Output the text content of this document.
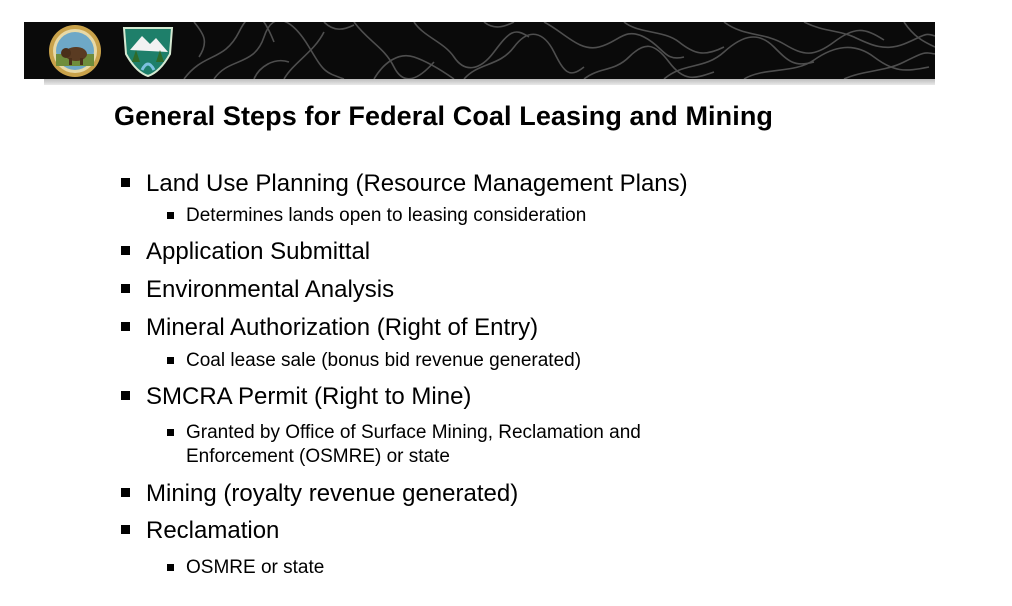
General Steps for Federal Coal Leasing and Mining
Land Use Planning (Resource Management Plans)
Determines lands open to leasing consideration
Application Submittal
Environmental Analysis
Mineral Authorization (Right of Entry)
Coal lease sale (bonus bid revenue generated)
SMCRA Permit (Right to Mine)
Granted by Office of Surface Mining, Reclamation and
Enforcement (OSMRE) or state
Mining (royalty revenue generated)
Reclamation
OSMRE or state
